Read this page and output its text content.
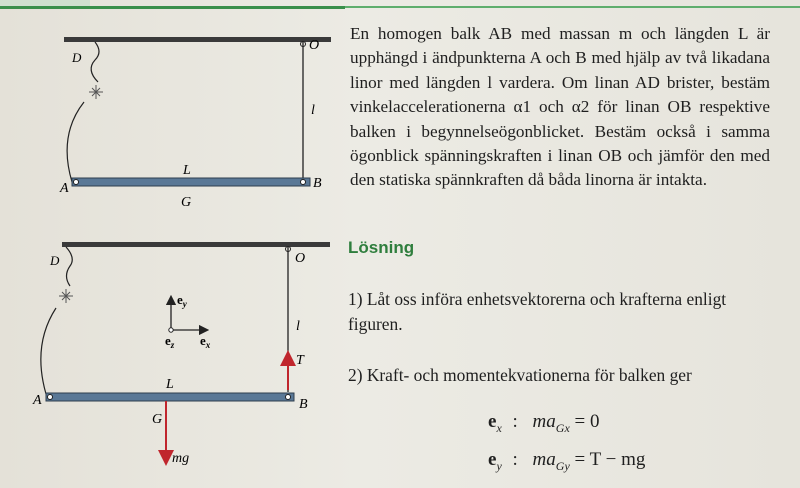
D
O
l
L
A	B
G
$e_y$
$e_x$
$e_z$
D	O
l
T
L
A	B
G
mg

En homogen balk AB med massan m och längden L är upphängd i ändpunkterna A och B med hjälp av två likadana linor med längden l vardera. Om linan AD brister, bestäm vinkelaccelerationerna α1 och α2 för linan OB respektive balken i begynnelseögonblicket. Bestäm också i samma ögonblick spänningskraften i linan OB och jämför den med den statiska spännkraften då båda linorna är intakta.

Lösning
1) Låt oss införa enhetsvektorerna och krafterna enligt figuren.
2) Kraft- och momentekvationerna för balken ger
$e_x$ : $ma_{Gx} = 0$
$e_y$ : $ma_{Gy} = T$ − mg
